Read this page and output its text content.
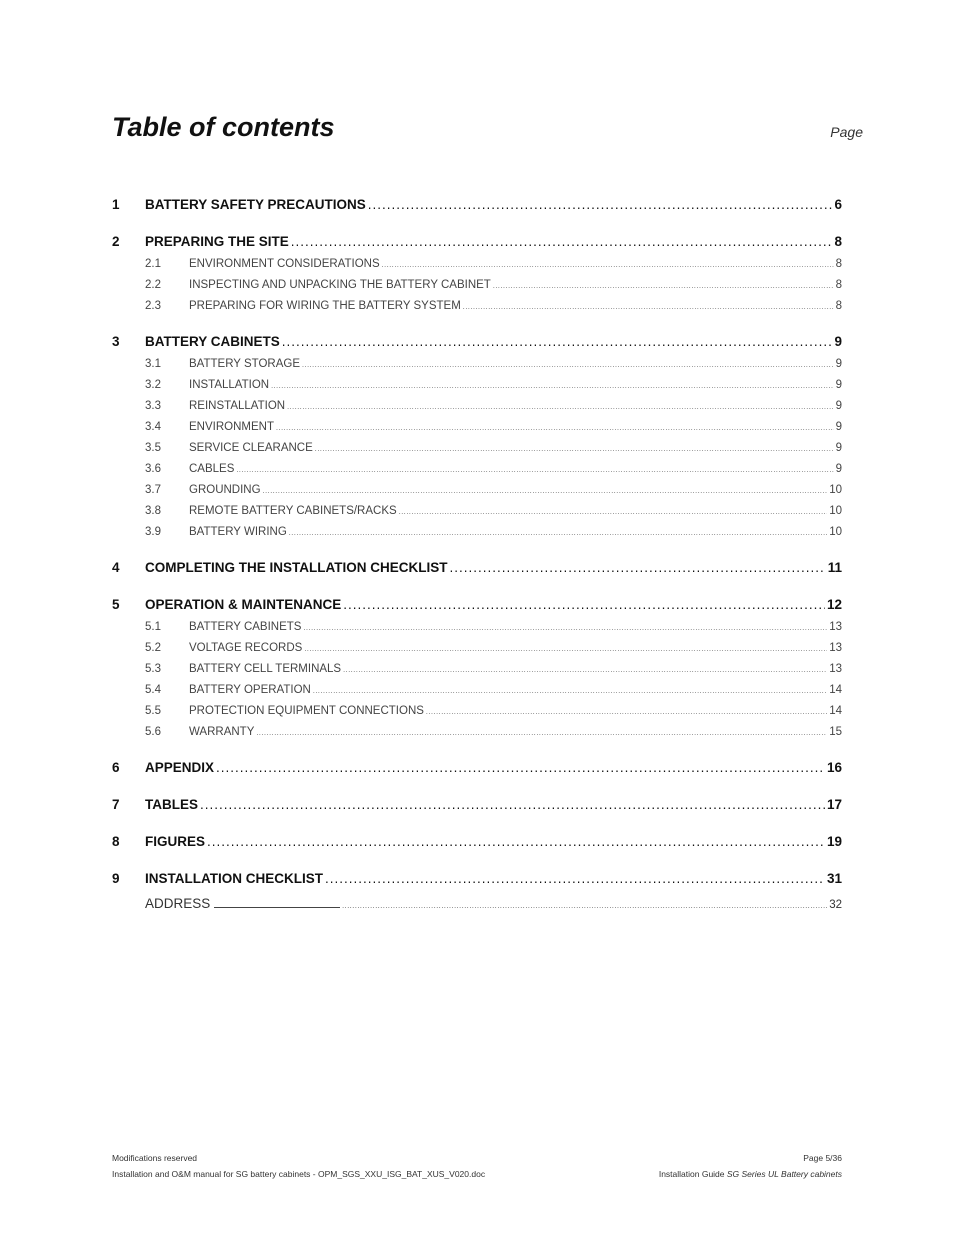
Table of contents	Page
1	BATTERY SAFETY PRECAUTIONS .....	6
2	PREPARING THE SITE .....	8
2.1	ENVIRONMENT CONSIDERATIONS .....	8
2.2	INSPECTING AND UNPACKING THE BATTERY CABINET .....	8
2.3	PREPARING FOR WIRING THE BATTERY SYSTEM .....	8
3	BATTERY CABINETS .....	9
3.1	BATTERY STORAGE .....	9
3.2	INSTALLATION .....	9
3.3	REINSTALLATION .....	9
3.4	ENVIRONMENT .....	9
3.5	SERVICE CLEARANCE .....	9
3.6	CABLES .....	9
3.7	GROUNDING .....	10
3.8	REMOTE BATTERY CABINETS/RACKS .....	10
3.9	BATTERY WIRING .....	10
4	COMPLETING THE INSTALLATION CHECKLIST .....	11
5	OPERATION & MAINTENANCE .....	12
5.1	BATTERY CABINETS .....	13
5.2	VOLTAGE RECORDS .....	13
5.3	BATTERY CELL TERMINALS .....	13
5.4	BATTERY OPERATION .....	14
5.5	PROTECTION EQUIPMENT CONNECTIONS .....	14
5.6	WARRANTY .....	15
6	APPENDIX .....	16
7	TABLES .....	17
8	FIGURES .....	19
9	INSTALLATION CHECKLIST .....	31
ADDRESS .....	32
Modifications reserved
Installation and O&M manual for SG battery cabinets - OPM_SGS_XXU_ISG_BAT_XUS_V020.doc
Page 5/36
Installation Guide SG Series UL Battery cabinets
